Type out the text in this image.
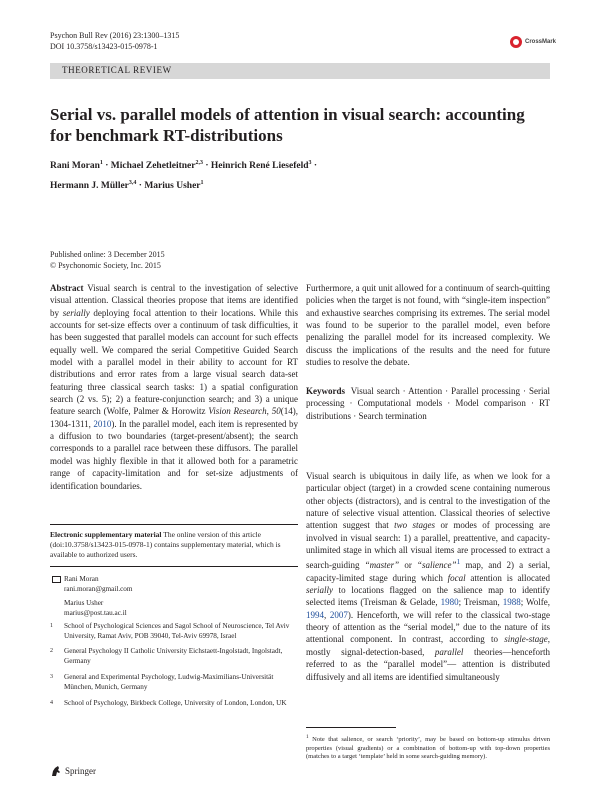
Psychon Bull Rev (2016) 23:1300–1315
DOI 10.3758/s13423-015-0978-1	CrossMark
THEORETICAL REVIEW
Serial vs. parallel models of attention in visual search: accounting for benchmark RT-distributions
Rani Moran$^1$ · Michael Zehetleitner$^{2,3}$ · Heinrich René Liesefeld$^3$ ·
Hermann J. Müller$^{3,4}$ · Marius Usher$^1$
Published online: 3 December 2015
© Psychonomic Society, Inc. 2015

Abstract Visual search is central to the investigation of selective visual attention. Classical theories propose that items are identified by serially deploying focal attention to their locations. While this accounts for set-size effects over a continuum of task difficulties, it has been suggested that parallel models can account for such effects equally well. We compared the serial Competitive Guided Search model with a parallel model in their ability to account for RT distributions and error rates from a large visual search data-set featuring three classical search tasks: 1) a spatial configuration search (2 vs. 5); 2) a feature-conjunction search; and 3) a unique feature search (Wolfe, Palmer & Horowitz Vision Research, 50(14), 1304-1311, 2010). In the parallel model, each item is represented by a diffusion to two boundaries (target-present/absent); the search corresponds to a parallel race between these diffusors. The parallel model was highly flexible in that it allowed both for a parametric range of capacity-limitation and for set-size adjustments of identification boundaries.

Furthermore, a quit unit allowed for a continuum of search-quitting policies when the target is not found, with “single-item inspection” and exhaustive searches comprising its extremes. The serial model was found to be superior to the parallel model, even before penalizing the parallel model for its increased complexity. We discuss the implications of the results and the need for future studies to resolve the debate.

Keywords Visual search · Attention · Parallel processing · Serial processing · Computational models · Model comparison · RT distributions · Search termination

Visual search is ubiquitous in daily life, as when we look for a particular object (target) in a crowded scene containing numerous other objects (distractors), and is central to the investigation of the nature of selective visual attention. Classical theories of selective attention suggest that two stages or modes of processing are involved in visual search: 1) a parallel, preattentive, and capacity-unlimited stage in which all visual items are processed to extract a search-guiding “master” or “salience”$^1$ map, and 2) a serial, capacity-limited stage during which focal attention is allocated serially to locations flagged on the salience map to identify selected items (Treisman & Gelade, 1980; Treisman, 1988; Wolfe, 1994, 2007). Henceforth, we will refer to the classical two-stage theory of attention as the “serial model,” due to the nature of its attentional component. In contrast, according to single-stage, mostly signal-detection-based, parallel theories—henceforth referred to as the “parallel model”— attention is distributed diffusively and all items are identified simultaneously

Electronic supplementary material The online version of this article (doi:10.3758/s13423-015-0978-1) contains supplementary material, which is available to authorized users.
Rani Moran
rani.moran@gmail.com
Marius Usher
marius@post.tau.ac.il
1 School of Psychological Sciences and Sagol School of Neuroscience, Tel Aviv University, Ramat Aviv, POB 39040, Tel-Aviv 69978, Israel
2 General Psychology II Catholic University Eichstaett-Ingolstadt, Ingolstadt, Germany
3 General and Experimental Psychology, Ludwig-Maximilians-Universität München, Munich, Germany
4 School of Psychology, Birkbeck College, University of London, London, UK
$^1$ Note that salience, or search ‘priority’, may be based on bottom-up stimulus driven properties (visual gradients) or a combination of bottom-up with top-down properties (matches to a target ‘template’ held in some search-guiding memory).
Springer
